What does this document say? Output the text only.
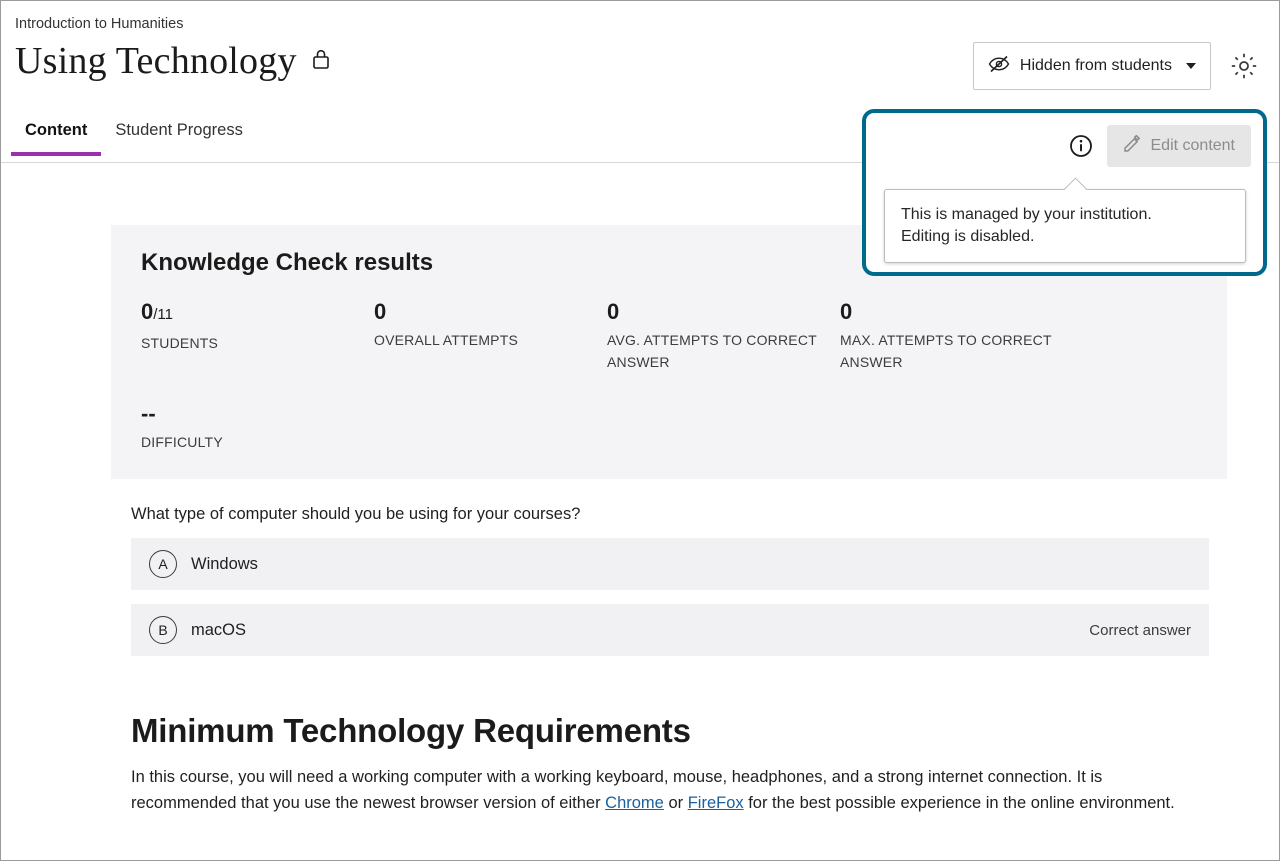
Introduction to Humanities
Using Technology	Hidden from students
Content	Student Progress
Edit content
This is managed by your institution.
Editing is disabled.
Knowledge Check results
0/11
STUDENTS
0
OVERALL ATTEMPTS
0
AVG. ATTEMPTS TO CORRECT ANSWER
0
MAX. ATTEMPTS TO CORRECT ANSWER
--
DIFFICULTY
What type of computer should you be using for your courses?
A	Windows
B	macOS	Correct answer
Minimum Technology Requirements
In this course, you will need a working computer with a working keyboard, mouse, headphones, and a strong internet connection. It is recommended that you use the newest browser version of either Chrome or FireFox for the best possible experience in the online environment.
